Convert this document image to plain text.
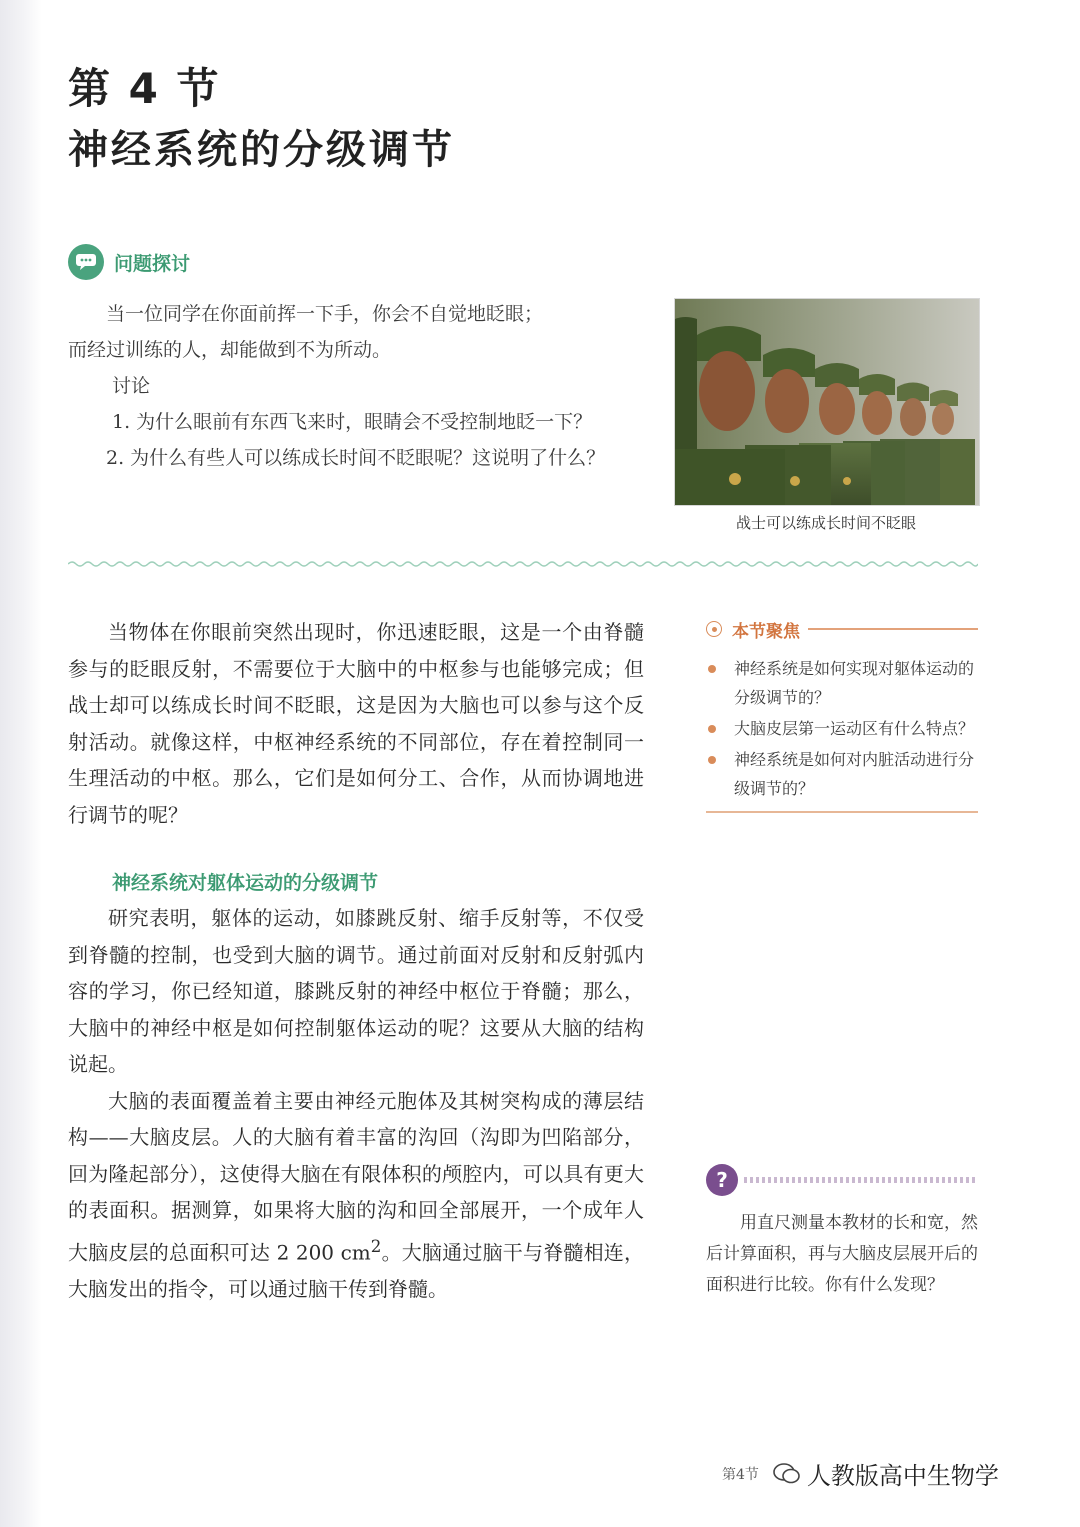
第 4 节
神经系统的分级调节
问题探讨

当一位同学在你面前挥一下手，你会不自觉地眨眼；

而经过训练的人，却能做到不为所动。

讨论

1. 为什么眼前有东西飞来时，眼睛会不受控制地眨一下？

2. 为什么有些人可以练成长时间不眨眼呢？这说明了什么？

战士可以练成长时间不眨眼

当物体在你眼前突然出现时，你迅速眨眼，这是一个由脊髓参与的眨眼反射，不需要位于大脑中的中枢参与也能够完成；但战士却可以练成长时间不眨眼，这是因为大脑也可以参与这个反射活动。就像这样，中枢神经系统的不同部位，存在着控制同一生理活动的中枢。那么，它们是如何分工、合作，从而协调地进行调节的呢？

本节聚焦
神经系统是如何实现对躯体运动的分级调节的？
大脑皮层第一运动区有什么特点？
神经系统是如何对内脏活动进行分级调节的？
神经系统对躯体运动的分级调节

研究表明，躯体的运动，如膝跳反射、缩手反射等，不仅受到脊髓的控制，也受到大脑的调节。通过前面对反射和反射弧内容的学习，你已经知道，膝跳反射的神经中枢位于脊髓；那么，大脑中的神经中枢是如何控制躯体运动的呢？这要从大脑的结构说起。

大脑的表面覆盖着主要由神经元胞体及其树突构成的薄层结构——大脑皮层。人的大脑有着丰富的沟回（沟即为凹陷部分，回为隆起部分），这使得大脑在有限体积的颅腔内，可以具有更大的表面积。据测算，如果将大脑的沟和回全部展开，一个成年人大脑皮层的总面积可达 2 200 $cm^2$。大脑通过脑干与脊髓相连，大脑发出的指令，可以通过脑干传到脊髓。

?
用直尺测量本教材的长和宽，然后计算面积，再与大脑皮层展开后的面积进行比较。你有什么发现？
第4节 人教版高中生物学
